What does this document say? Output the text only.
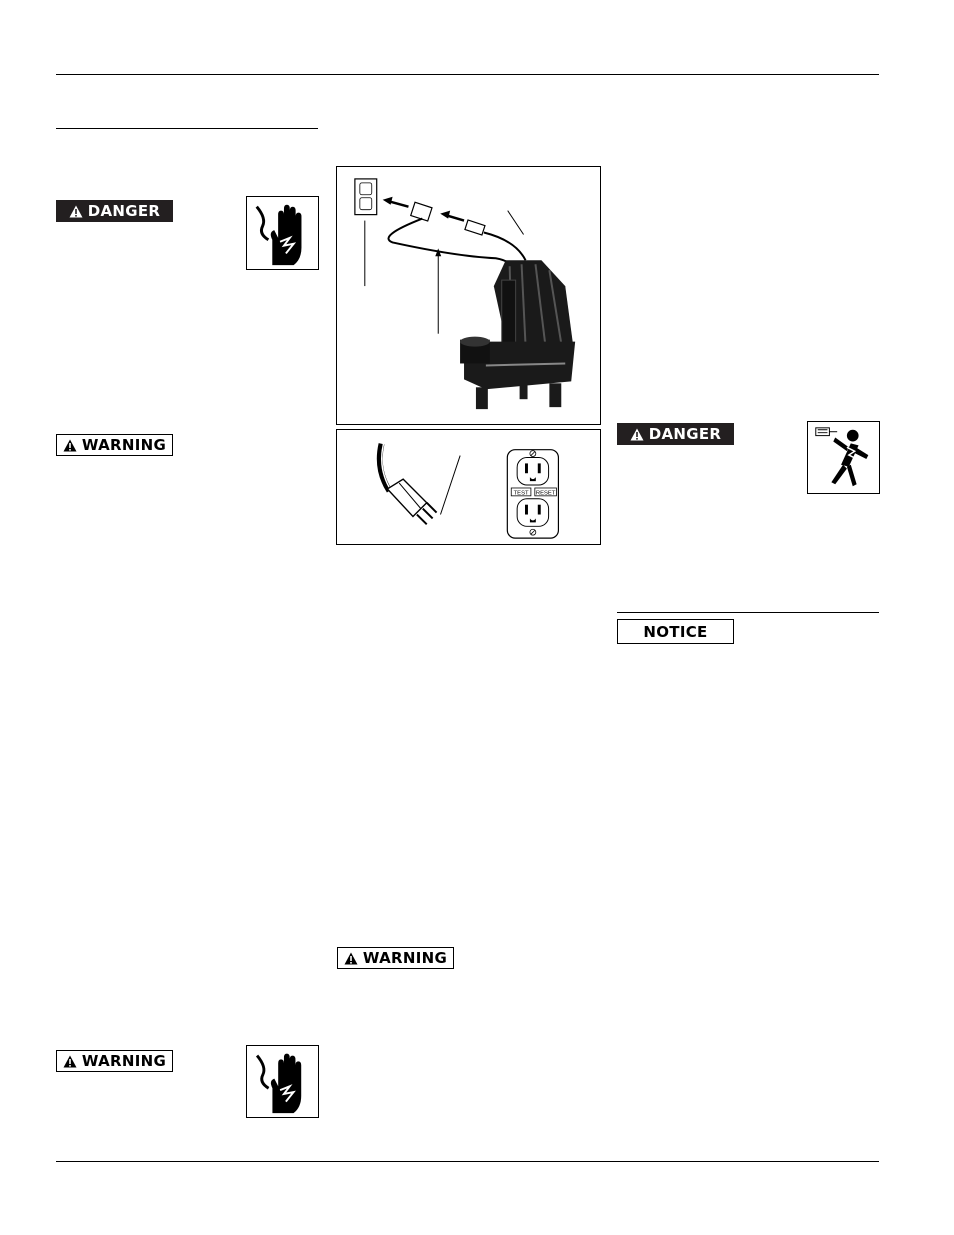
DANGER
WARNING
WARNING
TEST RESET
WARNING
DANGER
NOTICE
